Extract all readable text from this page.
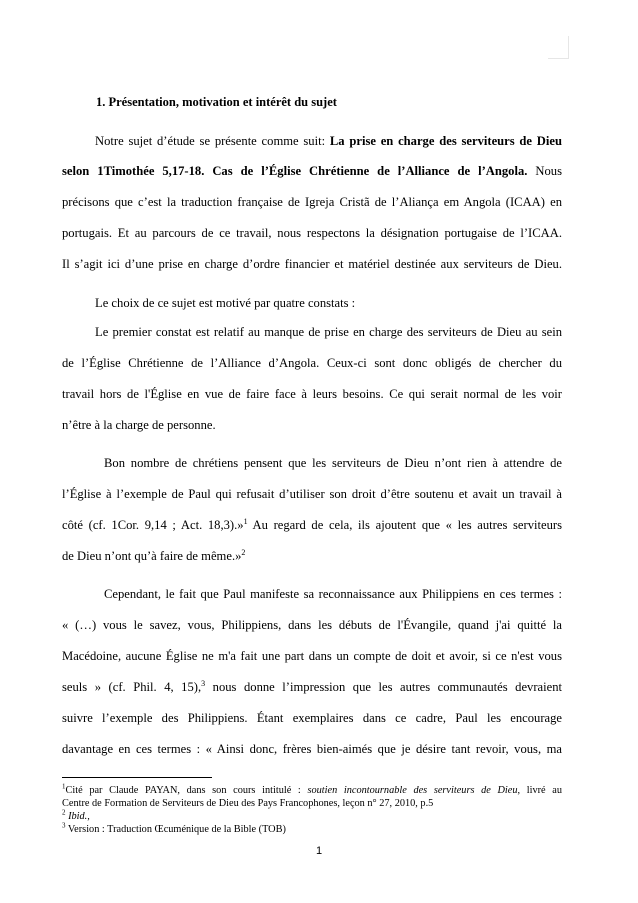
1. Présentation, motivation et intérêt du sujet
Notre sujet d’étude se présente comme suit: La prise en charge des serviteurs de Dieu
selon 1Timothée 5,17-18. Cas de l’Église Chrétienne de l’Alliance de l’Angola. Nous
précisons que c’est la traduction française de Igreja Cristã de l’Aliança em Angola (ICAA) en
portugais. Et au parcours de ce travail, nous respectons la désignation portugaise de l’ICAA.
Il s’agit ici d’une prise en charge d’ordre financier et matériel destinée aux serviteurs de Dieu.
Le choix de ce sujet est motivé par quatre constats :
Le premier constat est relatif au manque de prise en charge des serviteurs de Dieu au sein
de l’Église Chrétienne de l’Alliance d’Angola. Ceux-ci sont donc obligés de chercher du
travail hors de l'Église en vue de faire face à leurs besoins. Ce qui serait normal de les voir
n’être à la charge de personne.
Bon nombre de chrétiens pensent que les serviteurs de Dieu n’ont rien à attendre de
l’Église à l’exemple de Paul qui refusait d’utiliser son droit d’être soutenu et avait un travail à
côté (cf. 1Cor. 9,14 ; Act. 18,3).»$^1$ Au regard de cela, ils ajoutent que « les autres serviteurs
de Dieu n’ont qu’à faire de même.»$^2$
Cependant, le fait que Paul manifeste sa reconnaissance aux Philippiens en ces termes :
« (…) vous le savez, vous, Philippiens, dans les débuts de l'Évangile, quand j'ai quitté la
Macédoine, aucune Église ne m'a fait une part dans un compte de doit et avoir, si ce n'est vous
seuls » (cf. Phil. 4, 15),$^3$ nous donne l’impression que les autres communautés devraient
suivre l’exemple des Philippiens. Étant exemplaires dans ce cadre, Paul les encourage
davantage en ces termes : « Ainsi donc, frères bien-aimés que je désire tant revoir, vous, ma
$^1$Cité par Claude PAYAN, dans son cours intitulé : soutien incontournable des serviteurs de Dieu, livré au
Centre de Formation de Serviteurs de Dieu des Pays Francophones, leçon n° 27, 2010, p.5
$^2$ Ibid.,
$^3$ Version : Traduction Œcuménique de la Bible (TOB)
1
